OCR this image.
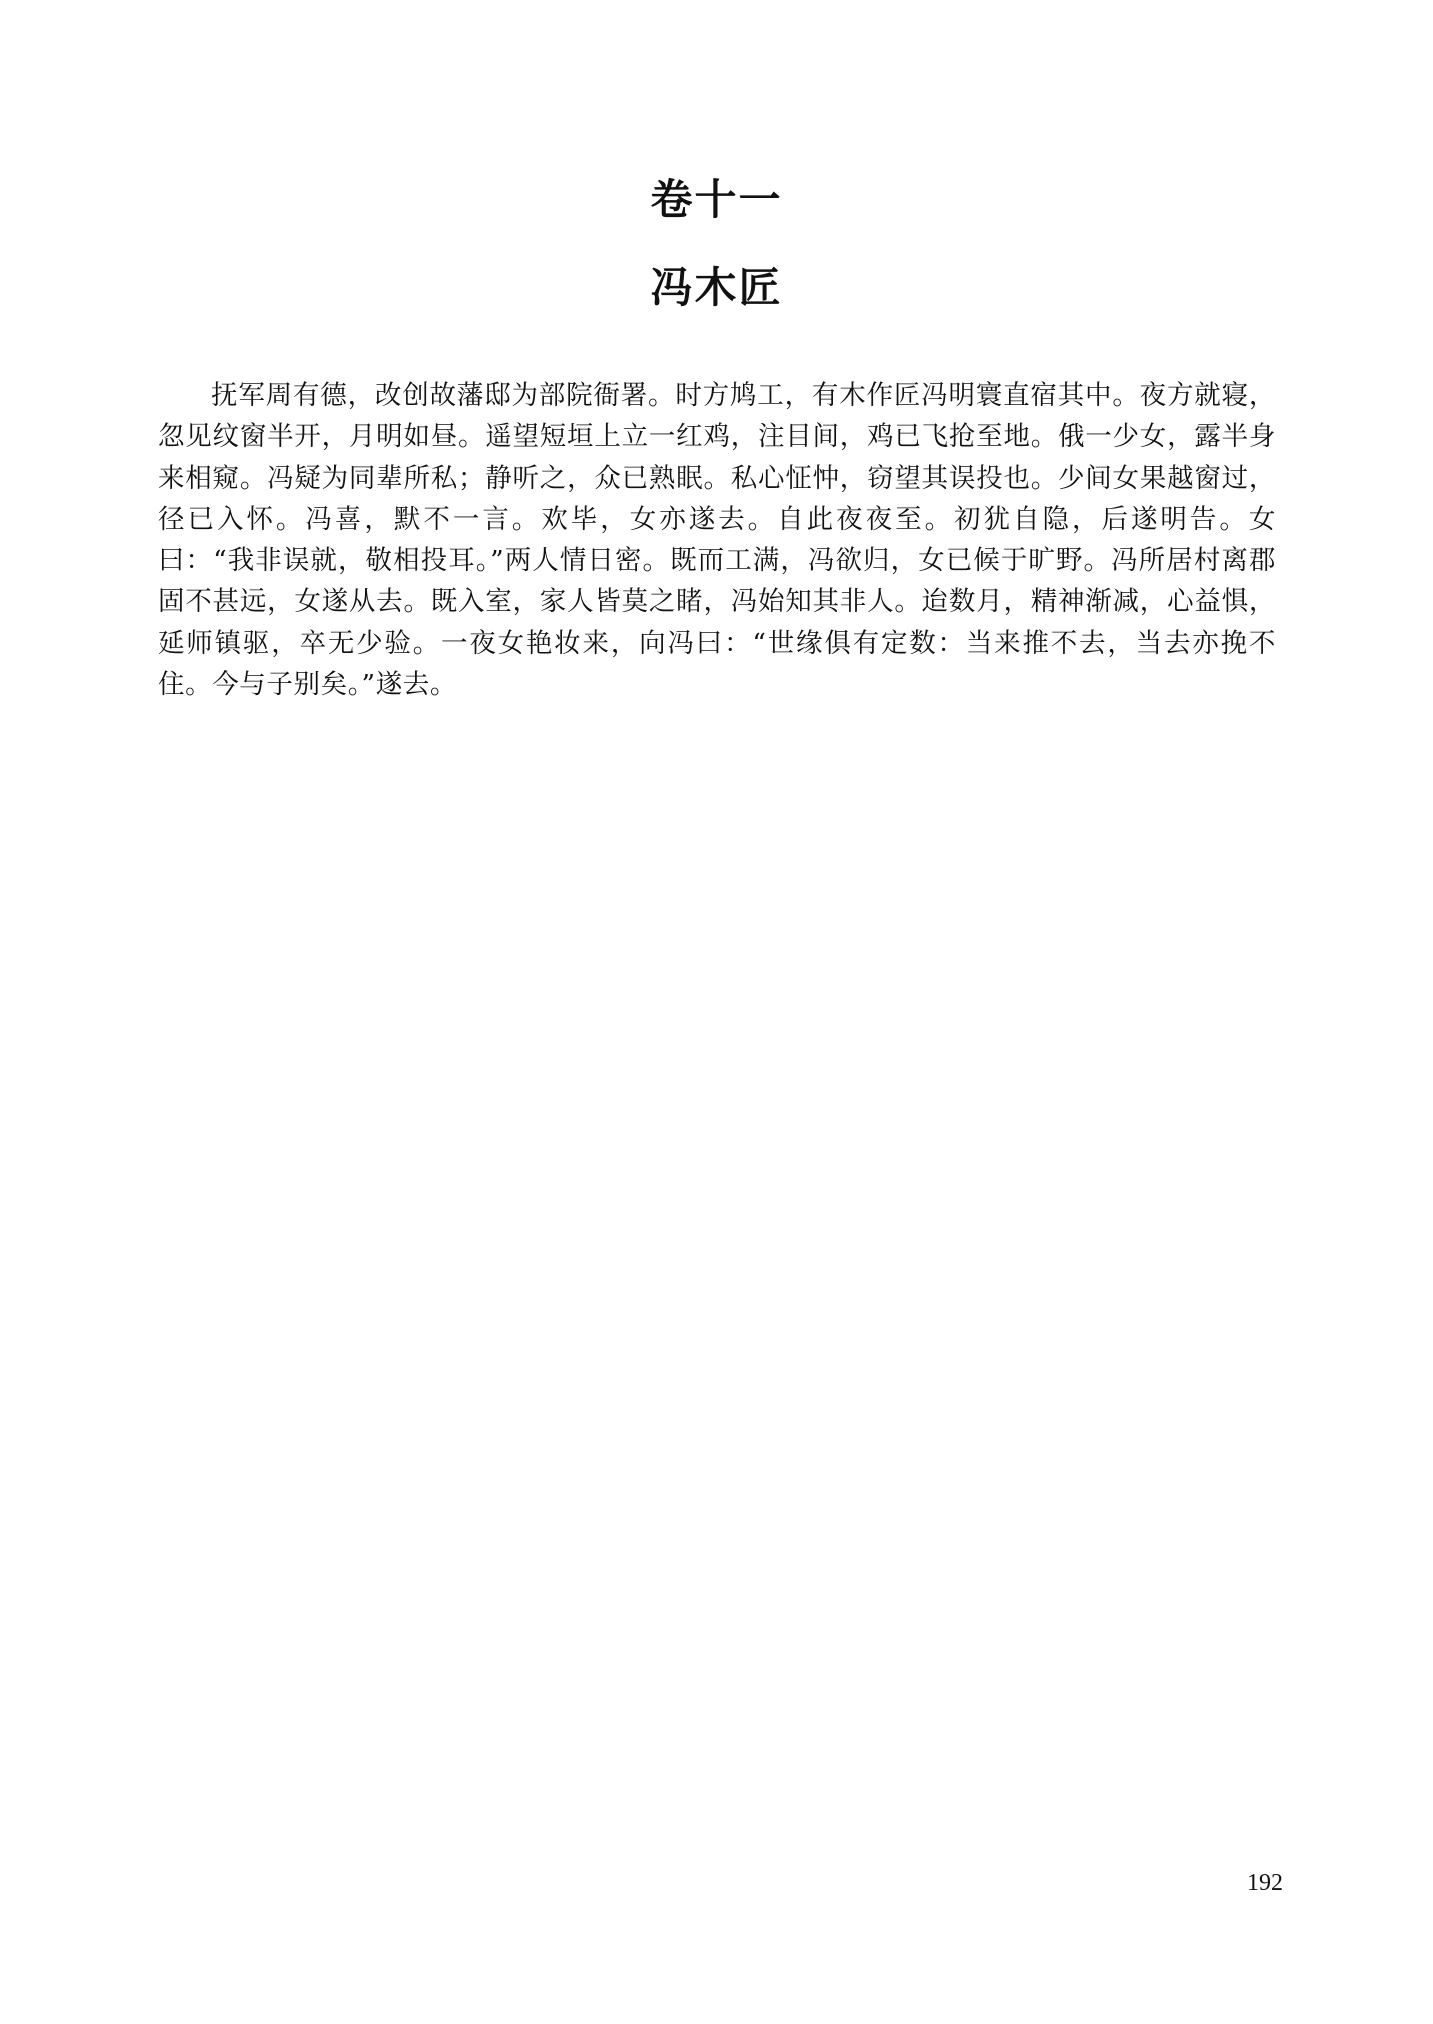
卷十一
冯木匠

抚军周有德，改创故藩邸为部院衙署。时方鸠工，有木作匠冯明寰直宿其中。夜方就寝，忽见纹窗半开，月明如昼。遥望短垣上立一红鸡，注目间，鸡已飞抢至地。俄一少女，露半身来相窥。冯疑为同辈所私；静听之，众已熟眠。私心怔忡，窃望其误投也。少间女果越窗过，径已入怀。冯喜，默不一言。欢毕，女亦遂去。自此夜夜至。初犹自隐，后遂明告。女曰：“我非误就，敬相投耳。”两人情日密。既而工满，冯欲归，女已候于旷野。冯所居村离郡固不甚远，女遂从去。既入室，家人皆莫之睹，冯始知其非人。迨数月，精神渐减，心益惧，延师镇驱，卒无少验。一夜女艳妆来，向冯曰：“世缘俱有定数：当来推不去，当去亦挽不住。今与子别矣。”遂去。

192
